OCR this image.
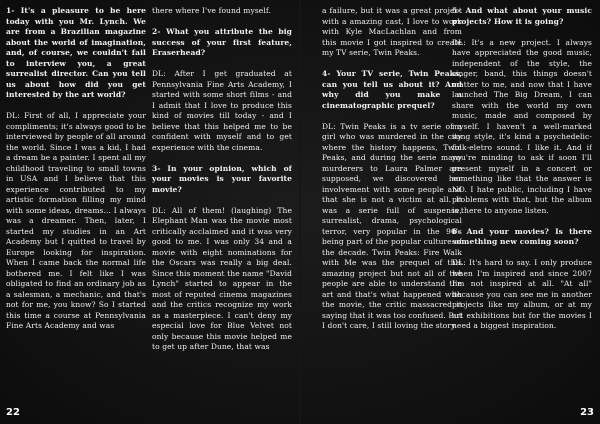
1- It's a pleasure to be here today with you Mr. Lynch. We are from a Brazilian magazine about the world of imagination, and, of course, we couldn't fail to interview you, a great surrealist director. Can you tell us about how did you get interested by the art world?

DL: First of all, I appreciate your compliments; it's always good to be interviewed by people of all around the world. Since I was a kid, I had a dream be a painter. I spent all my childhood traveling to small towns in USA and I believe that this experience contributed to my artistic formation filling my mind with some ideas, dreams... I always was a dreamer. Then, later, I started my studies in an Art Academy but I quitted to travel by Europe looking for inspiration. When I came back the normal life bothered me. I felt like I was obligated to find an ordinary job as a salesman, a mechanic, and that's not for me, you know? So I started this time a course at Pennsylvania Fine Arts Academy and was

there where I've found myself.

2- What you attribute the big success of your first feature, Eraserhead?

DL: After I get graduated at Pennsylvania Fine Arts Academy, I started with some short films - and I admit that I love to produce this kind of movies till today - and I believe that this helped me to be confident with myself and to get experience with the cinema.

3- In your opinion, which of your movies is your favorite movie?

DL: All of them! (laughing) The Elephant Man was the movie most critically acclaimed and it was very good to me. I was only 34 and a movie with eight nominations for the Oscars was really a big deal. Since this moment the name "David Lynch" started to appear in the most of reputed cinema magazines and the critics recognize my work as a masterpiece. I can't deny my especial love for Blue Velvet not only because this movie helped me to get up after Dune, that was

22

a failure, but it was a great project with a amazing cast, I love to work with Kyle MacLachlan and from this movie I got inspired to create my TV serie, Twin Peaks.

4- Your TV serie, Twin Peaks, can you tell us about it? And why did you make a cinematographic prequel?

DL: Twin Peaks is a tv serie of a girl who was murdered in the city where the history happens, Twin Peaks, and during the serie many murderers to Laura Palmer are supposed, we discovered her involvement with some people and that she is not a victim at all. It was a serie full of suspense, surrealist, drama, psychological terror, very popular in the 90's being part of the popular culture of the decade. Twin Peaks: Fire Walk with Me was the prequel of this amazing project but not all of the people are able to understand the art and that's what happened with the movie, the critic massacred it saying that it was too confused. But I don't care, I still loving the story.

5- And what about your music projects? How it is going?

DL: It's a new project. I always have appreciated the good music, independent of the style, the singer, band, this things doesn't matter to me, and now that I have launched The Big Dream, I can share with the world my own music, made and composed by myself. I haven't a well-marked song style, it's kind a psychedelic-folk-eletro sound. I like it. And if you're minding to ask if soon I'll present myself in a concert or something like that the answer is NO. I hate public, including I have problems with that, but the album is there to anyone listen.

6- And your movies? Is there something new coming soon?

DL: It's hard to say. I only produce when I'm inspired and since 2007 I'm not inspired at all. "At all" because you can see me in another projects like my album, or at my art exhibitions but for the movies I need a biggest inspiration.

23
